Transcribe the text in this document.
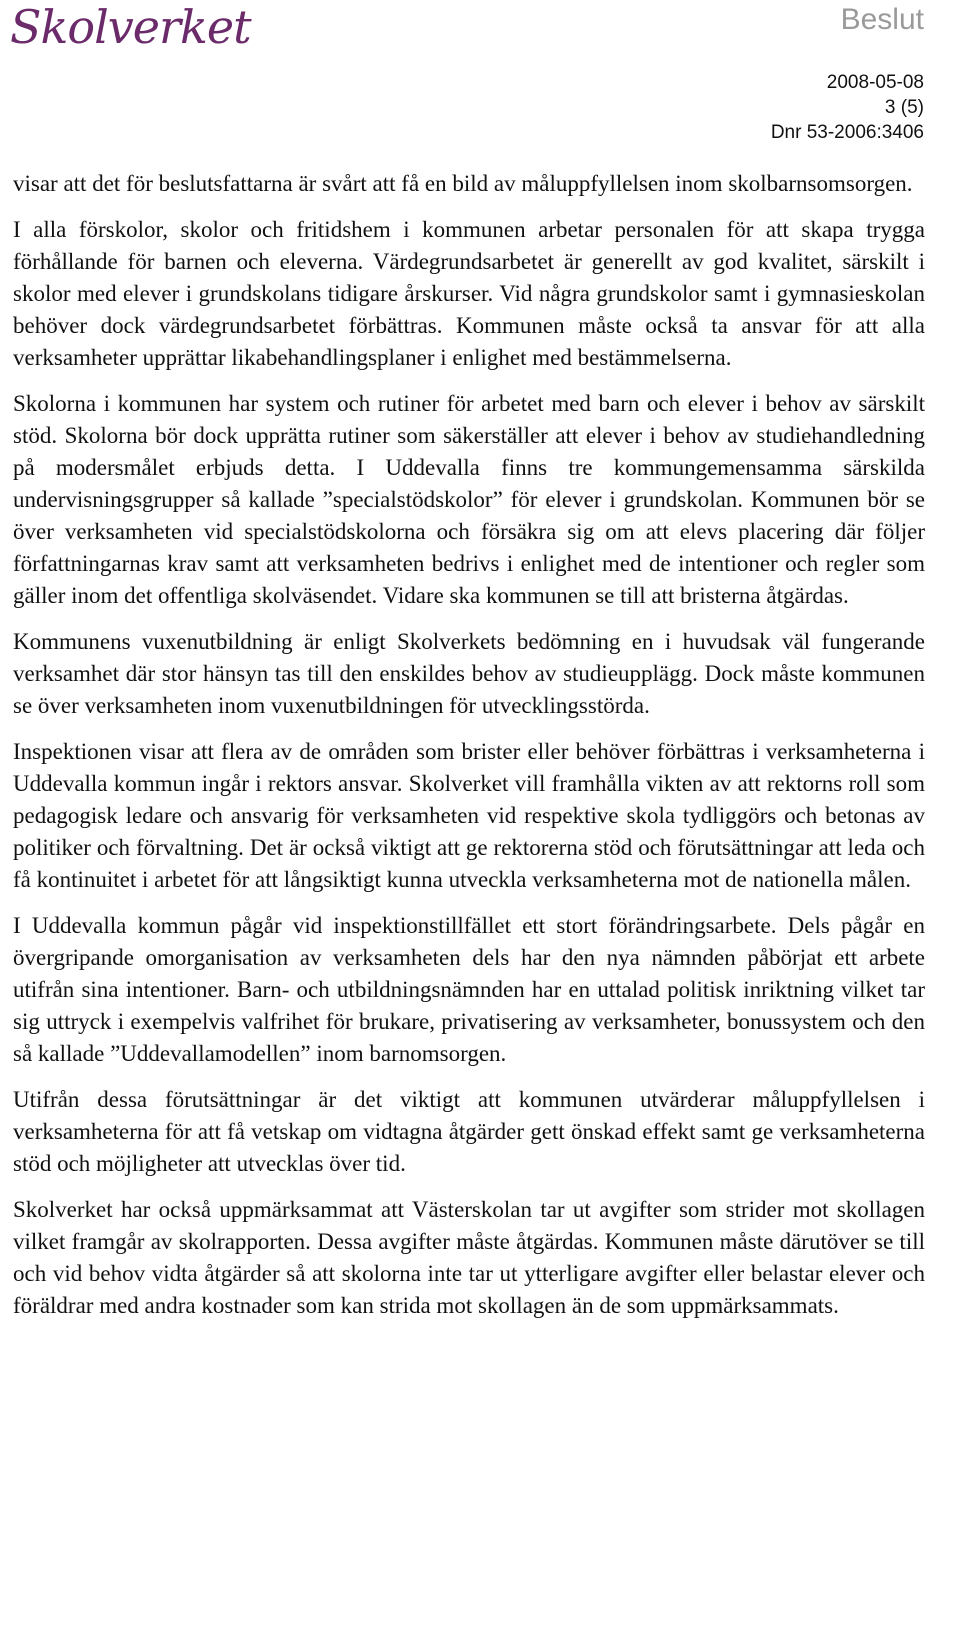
Skolverket	Beslut
2008-05-08
3 (5)
Dnr 53-2006:3406

visar att det för beslutsfattarna är svårt att få en bild av måluppfyllelsen inom skolbarnsomsorgen.

I alla förskolor, skolor och fritidshem i kommunen arbetar personalen för att skapa trygga förhållande för barnen och eleverna. Värdegrundsarbetet är generellt av god kvalitet, särskilt i skolor med elever i grundskolans tidigare årskurser. Vid några grundskolor samt i gymnasieskolan behöver dock värdegrundsarbetet förbättras. Kommunen måste också ta ansvar för att alla verksamheter upprättar likabehandlingsplaner i enlighet med bestämmelserna.

Skolorna i kommunen har system och rutiner för arbetet med barn och elever i behov av särskilt stöd. Skolorna bör dock upprätta rutiner som säkerställer att elever i behov av studiehandledning på modersmålet erbjuds detta. I Uddevalla finns tre kommungemensamma särskilda undervisningsgrupper så kallade ”specialstödskolor” för elever i grundskolan. Kommunen bör se över verksamheten vid specialstödskolorna och försäkra sig om att elevs placering där följer författningarnas krav samt att verksamheten bedrivs i enlighet med de intentioner och regler som gäller inom det offentliga skolväsendet. Vidare ska kommunen se till att bristerna åtgärdas.

Kommunens vuxenutbildning är enligt Skolverkets bedömning en i huvudsak väl fungerande verksamhet där stor hänsyn tas till den enskildes behov av studieupplägg. Dock måste kommunen se över verksamheten inom vuxenutbildningen för utvecklingsstörda.

Inspektionen visar att flera av de områden som brister eller behöver förbättras i verksamheterna i Uddevalla kommun ingår i rektors ansvar. Skolverket vill framhålla vikten av att rektorns roll som pedagogisk ledare och ansvarig för verksamheten vid respektive skola tydliggörs och betonas av politiker och förvaltning. Det är också viktigt att ge rektorerna stöd och förutsättningar att leda och få kontinuitet i arbetet för att långsiktigt kunna utveckla verksamheterna mot de nationella målen.

I Uddevalla kommun pågår vid inspektionstillfället ett stort förändringsarbete. Dels pågår en övergripande omorganisation av verksamheten dels har den nya nämnden påbörjat ett arbete utifrån sina intentioner. Barn- och utbildningsnämnden har en uttalad politisk inriktning vilket tar sig uttryck i exempelvis valfrihet för brukare, privatisering av verksamheter, bonussystem och den så kallade ”Uddevallamodellen” inom barnomsorgen.

Utifrån dessa förutsättningar är det viktigt att kommunen utvärderar måluppfyllelsen i verksamheterna för att få vetskap om vidtagna åtgärder gett önskad effekt samt ge verksamheterna stöd och möjligheter att utvecklas över tid.

Skolverket har också uppmärksammat att Västerskolan tar ut avgifter som strider mot skollagen vilket framgår av skolrapporten. Dessa avgifter måste åtgärdas. Kommunen måste därutöver se till och vid behov vidta åtgärder så att skolorna inte tar ut ytterligare avgifter eller belastar elever och föräldrar med andra kostnader som kan strida mot skollagen än de som uppmärksammats.
